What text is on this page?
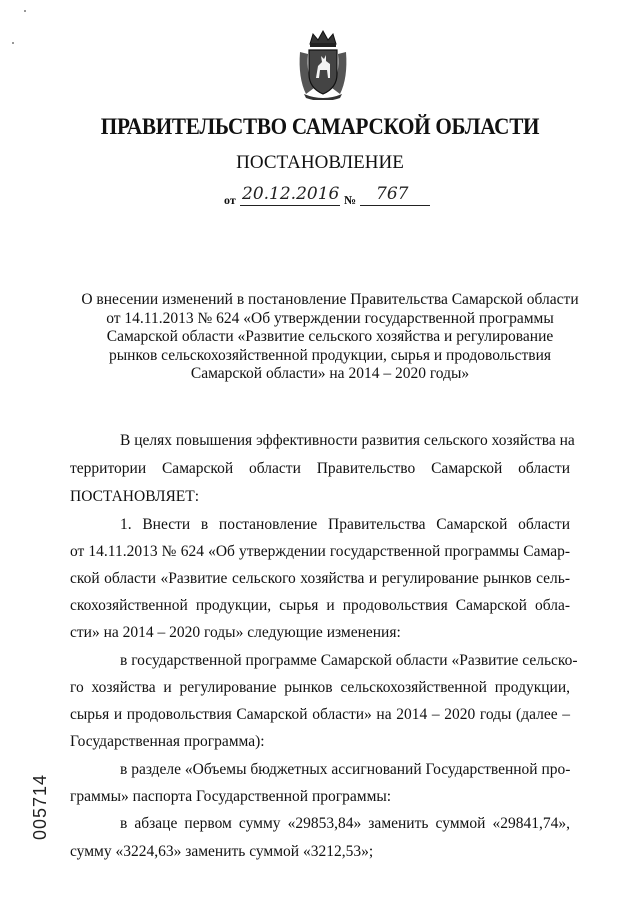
ПРАВИТЕЛЬСТВО САМАРСКОЙ ОБЛАСТИ
ПОСТАНОВЛЕНИЕ
от 20.12.2016 № 767
О внесении изменений в постановление Правительства Самарской области
от 14.11.2013 № 624 «Об утверждении государственной программы
Самарской области «Развитие сельского хозяйства и регулирование
рынков сельскохозяйственной продукции, сырья и продовольствия
Самарской области» на 2014 – 2020 годы»
В целях повышения эффективности развития сельского хозяйства на
территории Самарской области Правительство Самарской области
ПОСТАНОВЛЯЕТ:
1. Внести в постановление Правительства Самарской области
от 14.11.2013 № 624 «Об утверждении государственной программы Самар-
ской области «Развитие сельского хозяйства и регулирование рынков сель-
скохозяйственной продукции, сырья и продовольствия Самарской обла-
сти» на 2014 – 2020 годы» следующие изменения:
в государственной программе Самарской области «Развитие сельско-
го хозяйства и регулирование рынков сельскохозяйственной продукции,
сырья и продовольствия Самарской области» на 2014 – 2020 годы (далее –
Государственная программа):
в разделе «Объемы бюджетных ассигнований Государственной про-
граммы» паспорта Государственной программы:
в абзаце первом сумму «29853,84» заменить суммой «29841,74»,
сумму «3224,63» заменить суммой «3212,53»;
005714
